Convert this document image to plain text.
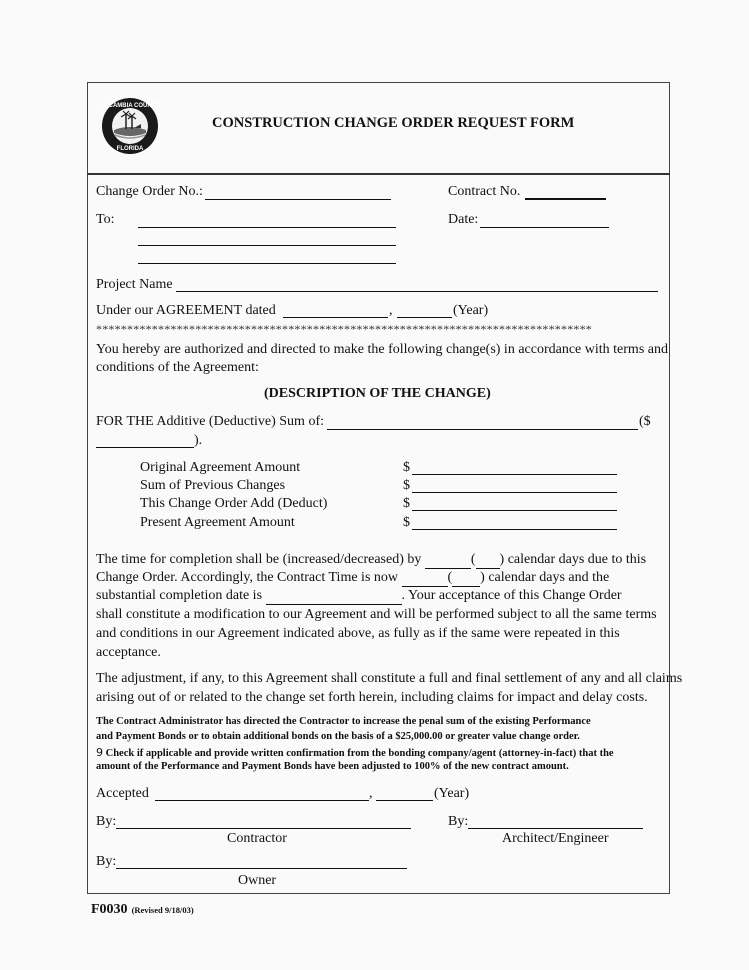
ESCAMBIA COUNTY
FLORIDA
CONSTRUCTION CHANGE ORDER REQUEST FORM
Change Order No.:	Contract No.
To:	Date:
Project Name
Under our AGREEMENT dated	,	(Year)
********************************************************************************
You hereby are authorized and directed to make the following change(s) in accordance with terms and
conditions of the Agreement:
(DESCRIPTION OF THE CHANGE)
FOR THE Additive (Deductive) Sum of:	($
).
Original Agreement Amount	$
Sum of Previous Changes	$
This Change Order Add (Deduct)	$
Present Agreement Amount	$
The time for completion shall be (increased/decreased) by	( ) calendar days due to this
Change Order. Accordingly, the Contract Time is now	( ) calendar days and the
substantial completion date is	. Your acceptance of this Change Order
shall constitute a modification to our Agreement and will be performed subject to all the same terms
and conditions in our Agreement indicated above, as fully as if the same were repeated in this
acceptance.
The adjustment, if any, to this Agreement shall constitute a full and final settlement of any and all claims
arising out of or related to the change set forth herein, including claims for impact and delay costs.
The Contract Administrator has directed the Contractor to increase the penal sum of the existing Performance
and Payment Bonds or to obtain additional bonds on the basis of a $25,000.00 or greater value change order.
9 Check if applicable and provide written confirmation from the bonding company/agent (attorney-in-fact) that the
amount of the Performance and Payment Bonds have been adjusted to 100% of the new contract amount.
Accepted	,	(Year)
By:
Contractor
By:
Architect/Engineer
By:
Owner
F0030 (Revised 9/18/03)
